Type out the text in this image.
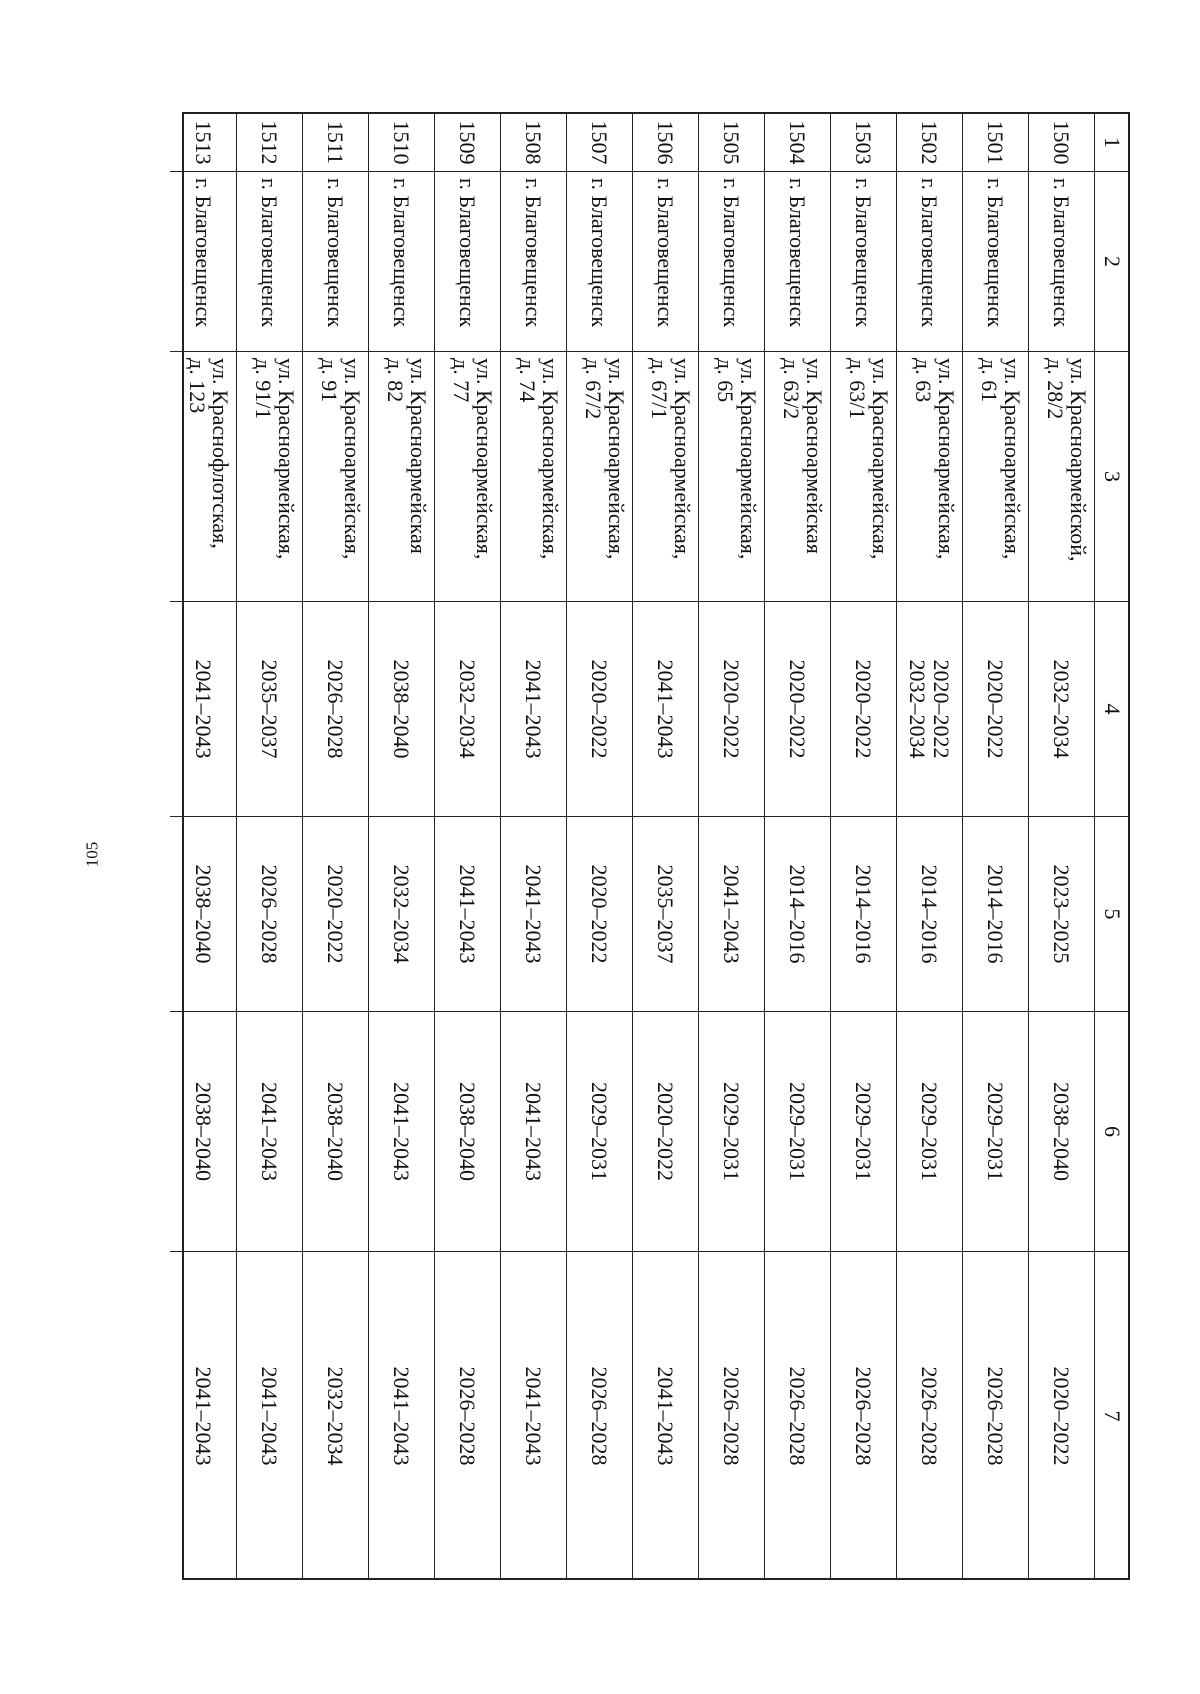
105
1
2
3
4
5
6
7
1500
г. Благовещенск
ул. Красноармейской,
д. 28/2
2032–2034
2023–2025
2038–2040
2020–2022
1501
г. Благовещенск
ул. Красноармейская,
д. 61
2020–2022
2014–2016
2029–2031
2026–2028
1502
г. Благовещенск
ул. Красноармейская,
д. 63
2020–2022
2032–2034
2014–2016
2029–2031
2026–2028
1503
г. Благовещенск
ул. Красноармейская,
д. 63/1
2020–2022
2014–2016
2029–2031
2026–2028
1504
г. Благовещенск
ул. Красноармейская
д. 63/2
2020–2022
2014–2016
2029–2031
2026–2028
1505
г. Благовещенск
ул. Красноармейская,
д. 65
2020–2022
2041–2043
2029–2031
2026–2028
1506
г. Благовещенск
ул. Красноармейская,
д. 67/1
2041–2043
2035–2037
2020–2022
2041–2043
1507
г. Благовещенск
ул. Красноармейская,
д. 67/2
2020–2022
2020–2022
2029–2031
2026–2028
1508
г. Благовещенск
ул. Красноармейская,
д. 74
2041–2043
2041–2043
2041–2043
2041–2043
1509
г. Благовещенск
ул. Красноармейская,
д. 77
2032–2034
2041–2043
2038–2040
2026–2028
1510
г. Благовещенск
ул. Красноармейская
д. 82
2038–2040
2032–2034
2041–2043
2041–2043
1511
г. Благовещенск
ул. Красноармейская,
д. 91
2026–2028
2020–2022
2038–2040
2032–2034
1512
г. Благовещенск
ул. Красноармейская,
д. 91/1
2035–2037
2026–2028
2041–2043
2041–2043
1513
г. Благовещенск
ул. Краснофлотская,
д. 123
2041–2043
2038–2040
2038–2040
2041–2043
